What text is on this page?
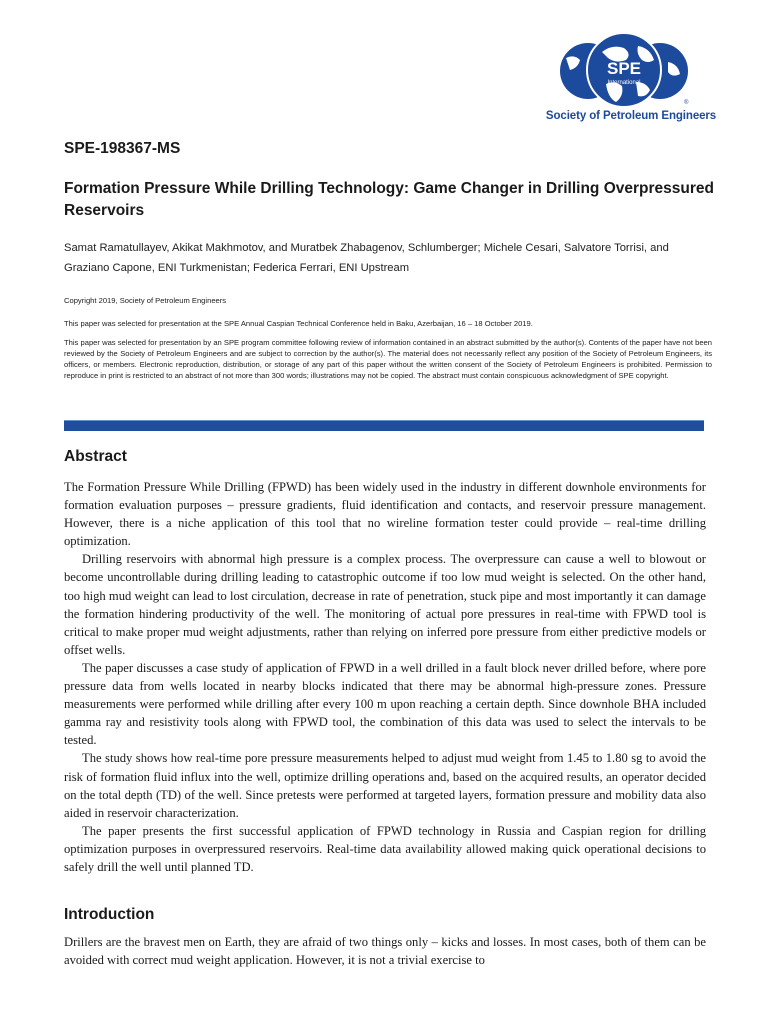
SPE
International
®
Society of Petroleum Engineers
SPE-198367-MS
Formation Pressure While Drilling Technology: Game Changer in Drilling Overpressured Reservoirs

Samat Ramatullayev, Akikat Makhmotov, and Muratbek Zhabagenov, Schlumberger; Michele Cesari, Salvatore Torrisi, and Graziano Capone, ENI Turkmenistan; Federica Ferrari, ENI Upstream

Copyright 2019, Society of Petroleum Engineers

This paper was selected for presentation at the SPE Annual Caspian Technical Conference held in Baku, Azerbaijan, 16 – 18 October 2019.

This paper was selected for presentation by an SPE program committee following review of information contained in an abstract submitted by the author(s). Contents of the paper have not been reviewed by the Society of Petroleum Engineers and are subject to correction by the author(s). The material does not necessarily reflect any position of the Society of Petroleum Engineers, its officers, or members. Electronic reproduction, distribution, or storage of any part of this paper without the written consent of the Society of Petroleum Engineers is prohibited. Permission to reproduce in print is restricted to an abstract of not more than 300 words; illustrations may not be copied. The abstract must contain conspicuous acknowledgment of SPE copyright.

Abstract

The Formation Pressure While Drilling (FPWD) has been widely used in the industry in different downhole environments for formation evaluation purposes – pressure gradients, fluid identification and contacts, and reservoir pressure management. However, there is a niche application of this tool that no wireline formation tester could provide – real-time drilling optimization.

Drilling reservoirs with abnormal high pressure is a complex process. The overpressure can cause a well to blowout or become uncontrollable during drilling leading to catastrophic outcome if too low mud weight is selected. On the other hand, too high mud weight can lead to lost circulation, decrease in rate of penetration, stuck pipe and most importantly it can damage the formation hindering productivity of the well. The monitoring of actual pore pressures in real-time with FPWD tool is critical to make proper mud weight adjustments, rather than relying on inferred pore pressure from either predictive models or offset wells.

The paper discusses a case study of application of FPWD in a well drilled in a fault block never drilled before, where pore pressure data from wells located in nearby blocks indicated that there may be abnormal high-pressure zones. Pressure measurements were performed while drilling after every 100 m upon reaching a certain depth. Since downhole BHA included gamma ray and resistivity tools along with FPWD tool, the combination of this data was used to select the intervals to be tested.

The study shows how real-time pore pressure measurements helped to adjust mud weight from 1.45 to 1.80 sg to avoid the risk of formation fluid influx into the well, optimize drilling operations and, based on the acquired results, an operator decided on the total depth (TD) of the well. Since pretests were performed at targeted layers, formation pressure and mobility data also aided in reservoir characterization.

The paper presents the first successful application of FPWD technology in Russia and Caspian region for drilling optimization purposes in overpressured reservoirs. Real-time data availability allowed making quick operational decisions to safely drill the well until planned TD.

Introduction

Drillers are the bravest men on Earth, they are afraid of two things only – kicks and losses. In most cases, both of them can be avoided with correct mud weight application. However, it is not a trivial exercise to
